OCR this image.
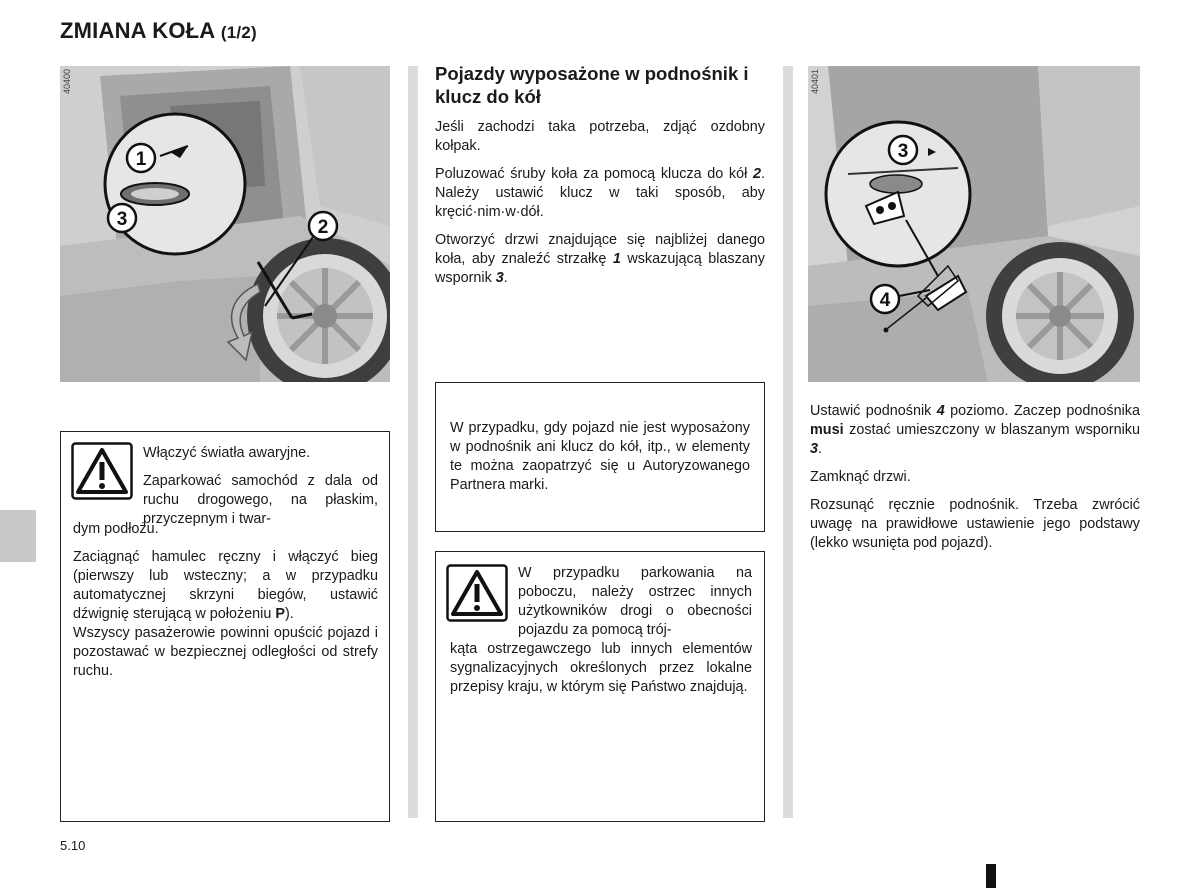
ZMIANA KOŁA (1/2)
1
3	2
40400
3
4
40401

Włączyć światła awaryjne.

Zaparkować samochód z dala od ruchu drogowego, na płaskim, przyczepnym i twar-

dym podłożu.

Zaciągnąć hamulec ręczny i włączyć bieg (pierwszy lub wsteczny; a w przypadku automatycznej skrzyni biegów, ustawić dźwignię sterującą w położeniu P).

Wszyscy pasażerowie powinni opuścić pojazd i pozostawać w bezpiecznej odległości od strefy ruchu.

Pojazdy wyposażone w podnośnik i klucz do kół

Jeśli zachodzi taka potrzeba, zdjąć ozdobny kołpak.

Poluzować śruby koła za pomocą klucza do kół 2. Należy ustawić klucz w taki sposób, aby kręcić·nim·w·dół.

Otworzyć drzwi znajdujące się najbliżej danego koła, aby znaleźć strzałkę 1 wskazującą blaszany wspornik 3.

W przypadku, gdy pojazd nie jest wyposażony w podnośnik ani klucz do kół, itp., w elementy te można zaopatrzyć się u Autoryzowanego Partnera marki.

W przypadku parkowania na poboczu, należy ostrzec innych użytkowników drogi o obecności pojazdu za pomocą trój-

kąta ostrzegawczego lub innych elementów sygnalizacyjnych określonych przez lokalne przepisy kraju, w którym się Państwo znajdują.

Ustawić podnośnik 4 poziomo. Zaczep podnośnika musi zostać umieszczony w blaszanym wsporniku 3.

Zamknąć drzwi.

Rozsunąć ręcznie podnośnik. Trzeba zwrócić uwagę na prawidłowe ustawienie jego podstawy (lekko wsunięta pod pojazd).

5.10
